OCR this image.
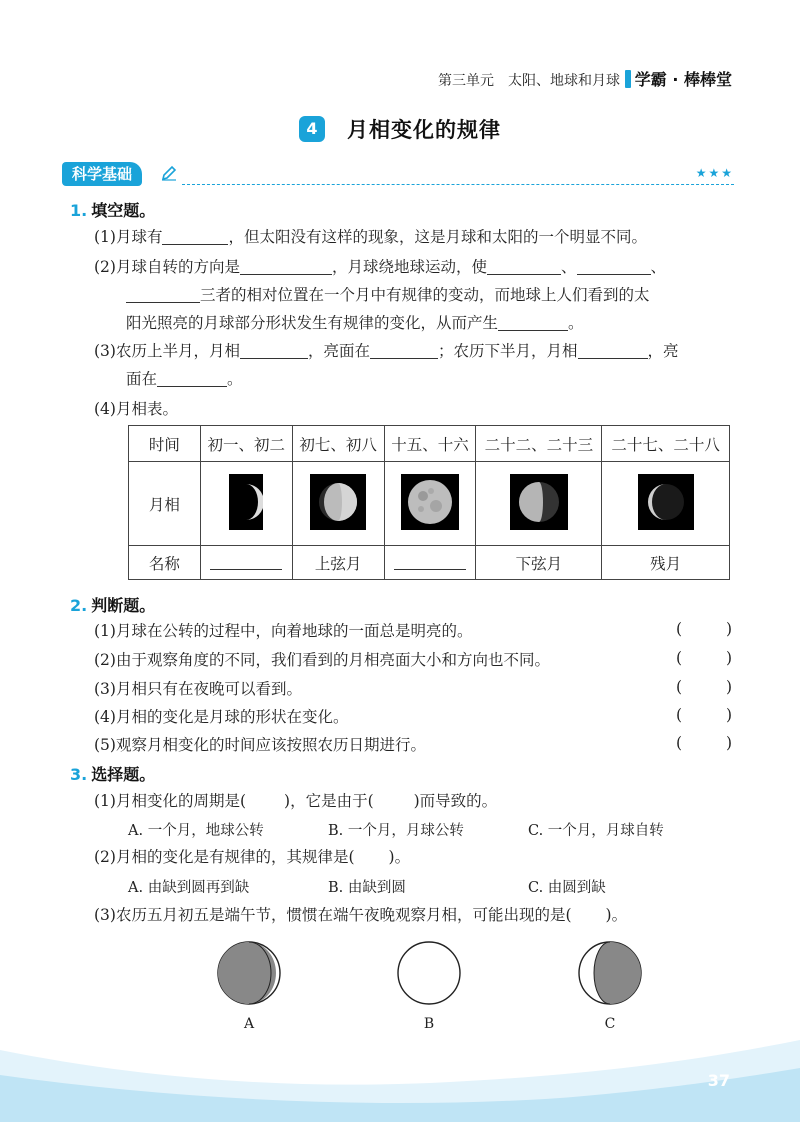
第三单元　太阳、地球和月球 学霸 · 棒棒堂
4 月相变化的规律
科学基础	★★★
1. 填空题。
(1)月球有	，但太阳没有这样的现象，这是月球和太阳的一个明显不同。
(2)月球自转的方向是	，月球绕地球运动，使	、	、
三者的相对位置在一个月中有规律的变动，而地球上人们看到的太
阳光照亮的月球部分形状发生有规律的变化，从而产生	。
(3)农历上半月，月相	，亮面在	；农历下半月，月相	，亮
面在	。
(4)月相表。
时间	初一、初二	初七、初八	十五、十六	二十二、二十三	二十七、二十八
月相	

名称		上弦月		下弦月	残月
2. 判断题。
(1)月球在公转的过程中，向着地球的一面总是明亮的。	(	)
(2)由于观察角度的不同，我们看到的月相亮面大小和方向也不同。	(	)
(3)月相只有在夜晚可以看到。	(	)
(4)月相的变化是月球的形状在变化。	(	)
(5)观察月相变化的时间应该按照农历日期进行。	(	)
3. 选择题。
(1)月相变化的周期是( )，它是由于(	)而导致的。
A. 一个月，地球公转	B. 一个月，月球公转	C. 一个月，月球自转
(2)月相的变化是有规律的，其规律是( )。
A. 由缺到圆再到缺	B. 由缺到圆	C. 由圆到缺
(3)农历五月初五是端午节，惯惯在端午夜晚观察月相，可能出现的是( )。
A	B	C
37
